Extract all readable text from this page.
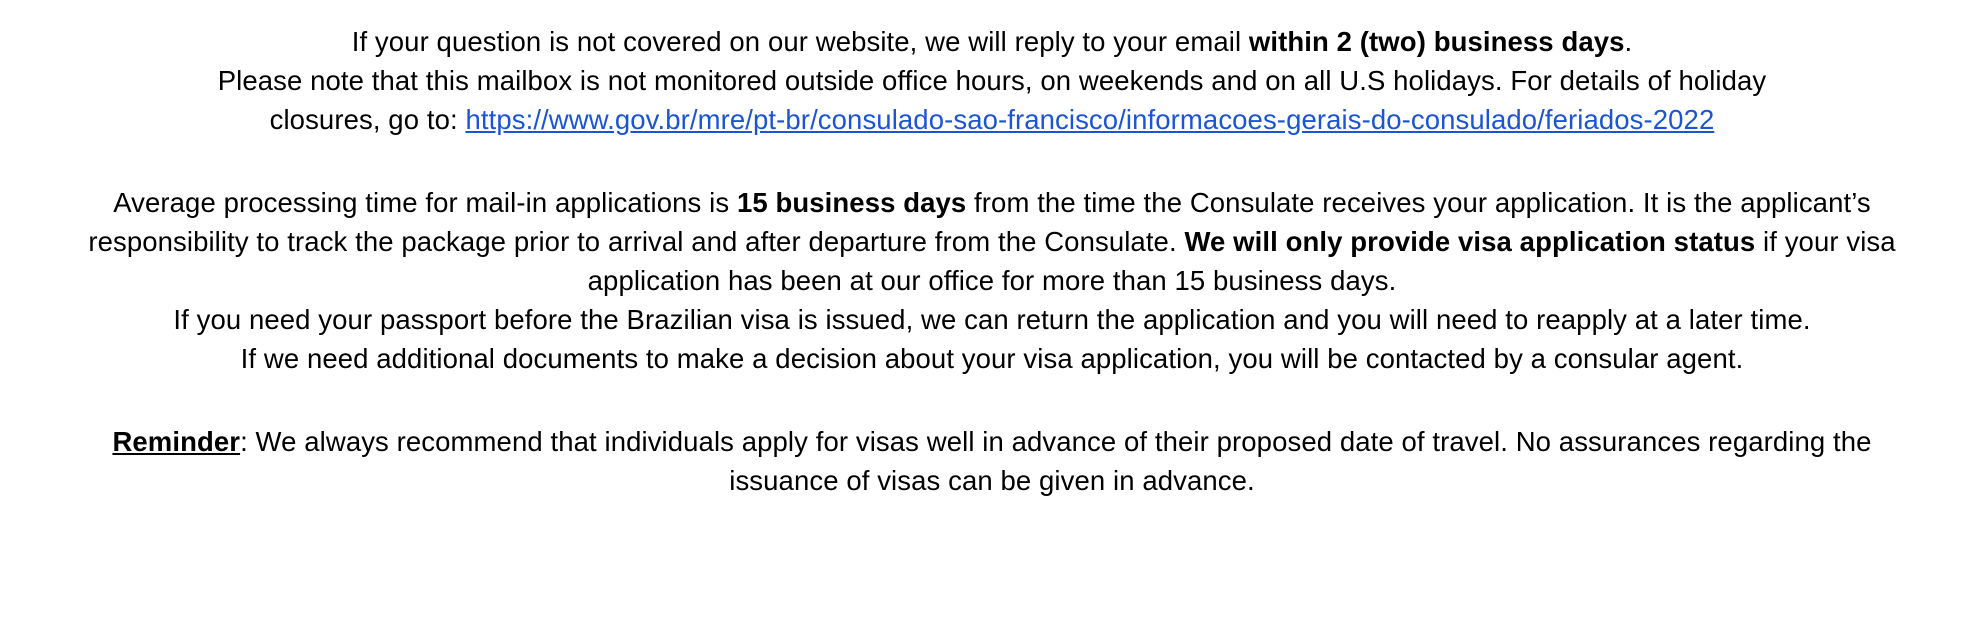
If your question is not covered on our website, we will reply to your email within 2 (two) business days.
Please note that this mailbox is not monitored outside office hours, on weekends and on all U.S holidays. For details of holiday
closures, go to: https://www.gov.br/mre/pt-br/consulado-sao-francisco/informacoes-gerais-do-consulado/feriados-2022

Average processing time for mail-in applications is 15 business days from the time the Consulate receives your application. It is the applicant’s responsibility to track the package prior to arrival and after departure from the Consulate. We will only provide visa application status if your visa application has been at our office for more than 15 business days.
If you need your passport before the Brazilian visa is issued, we can return the application and you will need to reapply at a later time.
If we need additional documents to make a decision about your visa application, you will be contacted by a consular agent.

Reminder: We always recommend that individuals apply for visas well in advance of their proposed date of travel. No assurances regarding the issuance of visas can be given in advance.
